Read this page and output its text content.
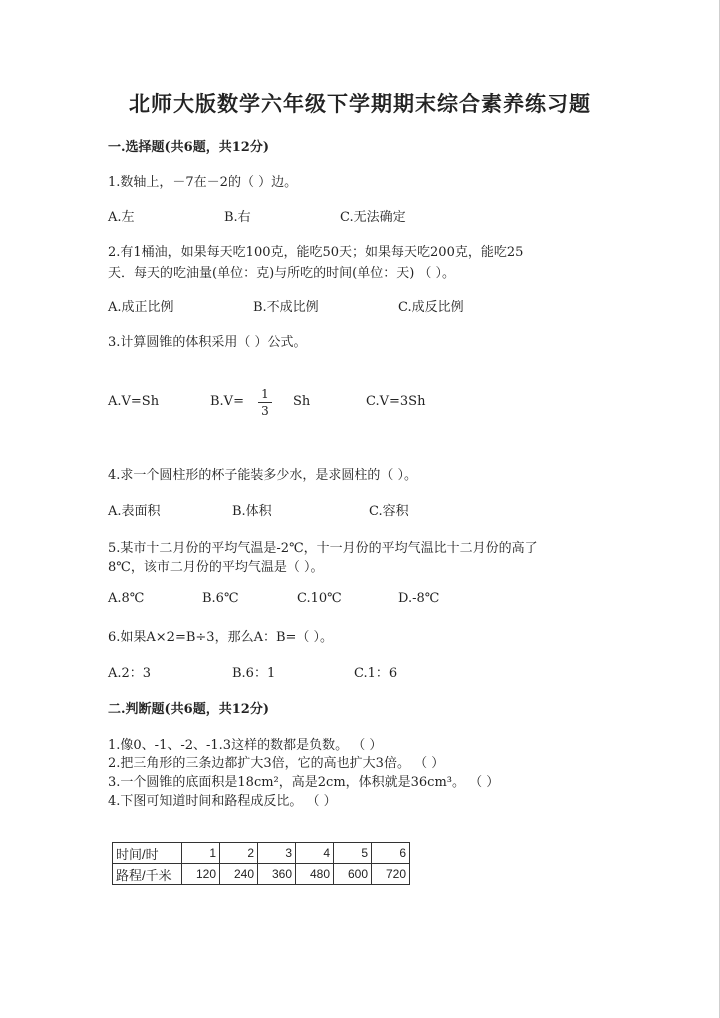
北师大版数学六年级下学期期末综合素养练习题
一.选择题(共6题，共12分)
1.数轴上，－7在－2的（ ）边。
A.左	B.右	C.无法确定
2.有1桶油，如果每天吃100克，能吃50天；如果每天吃200克，能吃25
天．每天的吃油量(单位：克)与所吃的时间(单位：天) （ ）。
A.成正比例	B.不成比例	C.成反比例
3.计算圆锥的体积采用（ ）公式。
A.V=Sh	B.V= 1
3
Sh	C.V=3Sh
4.求一个圆柱形的杯子能装多少水，是求圆柱的（ ）。
A.表面积	B.体积	C.容积
5.某市十二月份的平均气温是-2℃，十一月份的平均气温比十二月份的高了
8℃，该市二月份的平均气温是（ ）。
A.8℃	B.6℃	C.10℃	D.-8℃
6.如果A×2=B÷3，那么A：B=（ ）。
A.2：3	B.6：1	C.1：6
二.判断题(共6题，共12分)
1.像0、-1、-2、-1.3这样的数都是负数。 （ ）
2.把三角形的三条边都扩大3倍，它的高也扩大3倍。 （ ）
3.一个圆锥的底面积是18cm²，高是2cm，体积就是36cm³。 （ ）
4.下图可知道时间和路程成反比。 （ ）
时间/时	1	2	3	4	5	6
路程/千米	120	240	360	480	600	720
